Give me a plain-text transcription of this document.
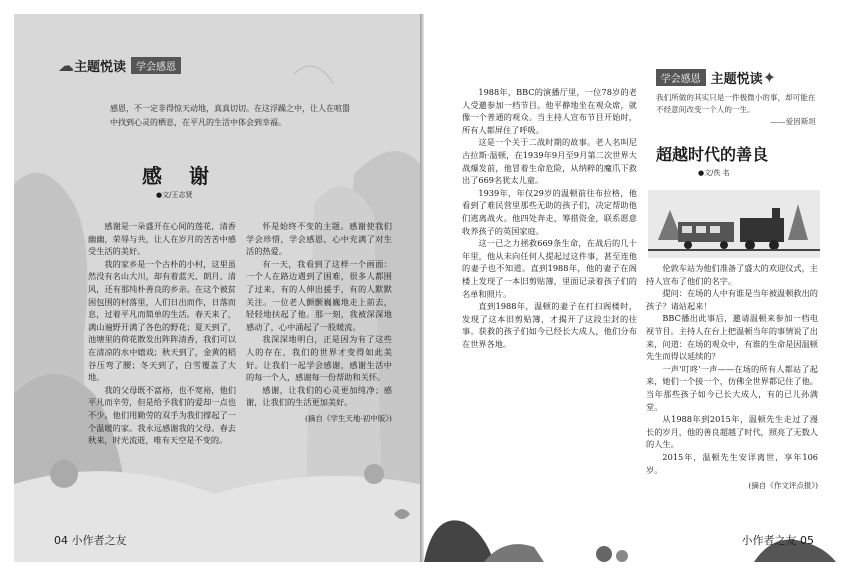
☁ 主题悦读	学会感恩
感恩，不一定非得惊天动地，真真切切。在这浮躁之中，让人在喧嚣中找到心灵的栖息，在平凡的生活中体会到幸福。
感 谢
●文/王志贤

感谢是一朵盛开在心间的莲花，清香幽幽，荣辱与共，让人在岁月的苦苦中感受生活的美好。

我的家乡是一个古朴的小村，这里虽然没有名山大川，却有着蓝天、朗月、清风，还有那纯朴善良的乡亲。在这个被贫困包围的村落里，人们日出而作，日落而息，过着平凡而简单的生活。春天来了，满山遍野开满了各色的野花；夏天到了，池塘里的荷花散发出阵阵清香，我们可以在清凉的水中嬉戏；秋天到了，金黄的稻谷压弯了腰；冬天到了，白雪覆盖了大地。

我的父母既不富裕，也不宽裕，他们平凡而辛劳，但是给予我们的爱却一点也不少。他们用勤劳的双手为我们撑起了一个温暖的家。我永远感谢我的父母。春去秋来，时光流逝，唯有天空是不变的。

怀是始终不变的主题。感谢使我们学会珍惜，学会感恩，心中充满了对生活的热爱。

有一天，我看到了这样一个画面：一个人在路边遇到了困难，很多人都围了过来，有的人伸出援手，有的人默默关注。一位老人颤颤巍巍地走上前去，轻轻地扶起了他。那一刻，我被深深地感动了，心中涌起了一股暖流。

我深深地明白，正是因为有了这些人的存在，我们的世界才变得如此美好。让我们一起学会感谢，感谢生活中的每一个人，感谢每一份帮助和关怀。

感谢，让我们的心灵更加纯净；感谢，让我们的生活更加美好。

(摘自《学生天地·初中版》)
04 小作者之友
学会感恩 主题悦读 ✦

1988年，BBC的演播厅里，一位78岁的老人受邀参加一档节目。他平静地坐在观众席，就像一个普通的观众。当主持人宣布节目开始时，所有人都屏住了呼吸。

这是一个关于二战时期的故事。老人名叫尼古拉斯·温顿，在1939年9月至9月第二次世界大战爆发前，他冒着生命危险，从纳粹的魔爪下救出了669名犹太儿童。

1939年，年仅29岁的温顿前往布拉格，他看到了难民营里那些无助的孩子们，决定帮助他们逃离战火。他四处奔走，筹措资金，联系愿意收养孩子的英国家庭。

这一已之力拯救669条生命，在战后的几十年里，他从未向任何人提起过这件事，甚至连他的妻子也不知道。直到1988年，他的妻子在阁楼上发现了一本旧剪贴簿，里面记录着孩子们的名单和照片。

直到1988年，温顿的妻子在打扫阁楼时，发现了这本旧剪贴簿，才揭开了这段尘封的往事。获救的孩子们如今已经长大成人，他们分布在世界各地。

我们所做的其实只是一件极微小的事，却可能在不经意间改变一个人的一生。
——爱因斯坦
超越时代的善良
●文/佚 名

伦敦车站为他们准备了盛大的欢迎仪式，主持人宣布了他们的名字。

提问：在场的人中有谁是当年被温顿救出的孩子？请站起来！

BBC播出此事后，邀请温顿来参加一档电视节目。主持人在台上把温顿当年的事情说了出来，问道：在场的观众中，有谁的生命是因温顿先生而得以延续的？

一声'叮咚'一声——在场的所有人都站了起来，她们一个接一个，仿佛全世界都记住了他。当年那些孩子如今已长大成人，有的已儿孙满堂。

从1988年到2015年，温顿先生走过了漫长的岁月，他的善良超越了时代，照亮了无数人的人生。

2015年，温顿先生安详离世，享年106岁。

(摘自《作文评点报》)
小作者之友 05
